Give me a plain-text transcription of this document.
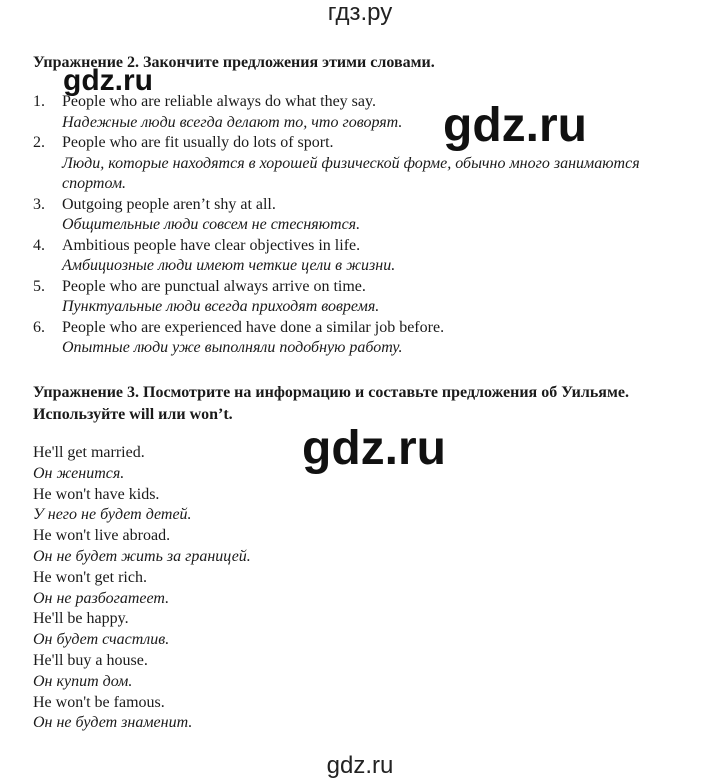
гдз.ру
gdz.ru
gdz.ru
gdz.ru
Упражнение 2. Закончите предложения этими словами.
1.	People who are reliable always do what they say.
Надежные люди всегда делают то, что говорят.
2.	People who are fit usually do lots of sport.
Люди, которые находятся в хорошей физической форме, обычно много занимаются спортом.
3.	Outgoing people aren’t shy at all.
Общительные люди совсем не стесняются.
4.	Ambitious people have clear objectives in life.
Амбициозные люди имеют четкие цели в жизни.
5.	People who are punctual always arrive on time.
Пунктуальные люди всегда приходят вовремя.
6.	People who are experienced have done a similar job before.
Опытные люди уже выполняли подобную работу.
Упражнение 3. Посмотрите на информацию и составьте предложения об Уильяме. Используйте will или won’t.
He'll get married.
Он женится.
He won't have kids.
У него не будет детей.
He won't live abroad.
Он не будет жить за границей.
He won't get rich.
Он не разбогатеет.
He'll be happy.
Он будет счастлив.
He'll buy a house.
Он купит дом.
He won't be famous.
Он не будет знаменит.
gdz.ru
